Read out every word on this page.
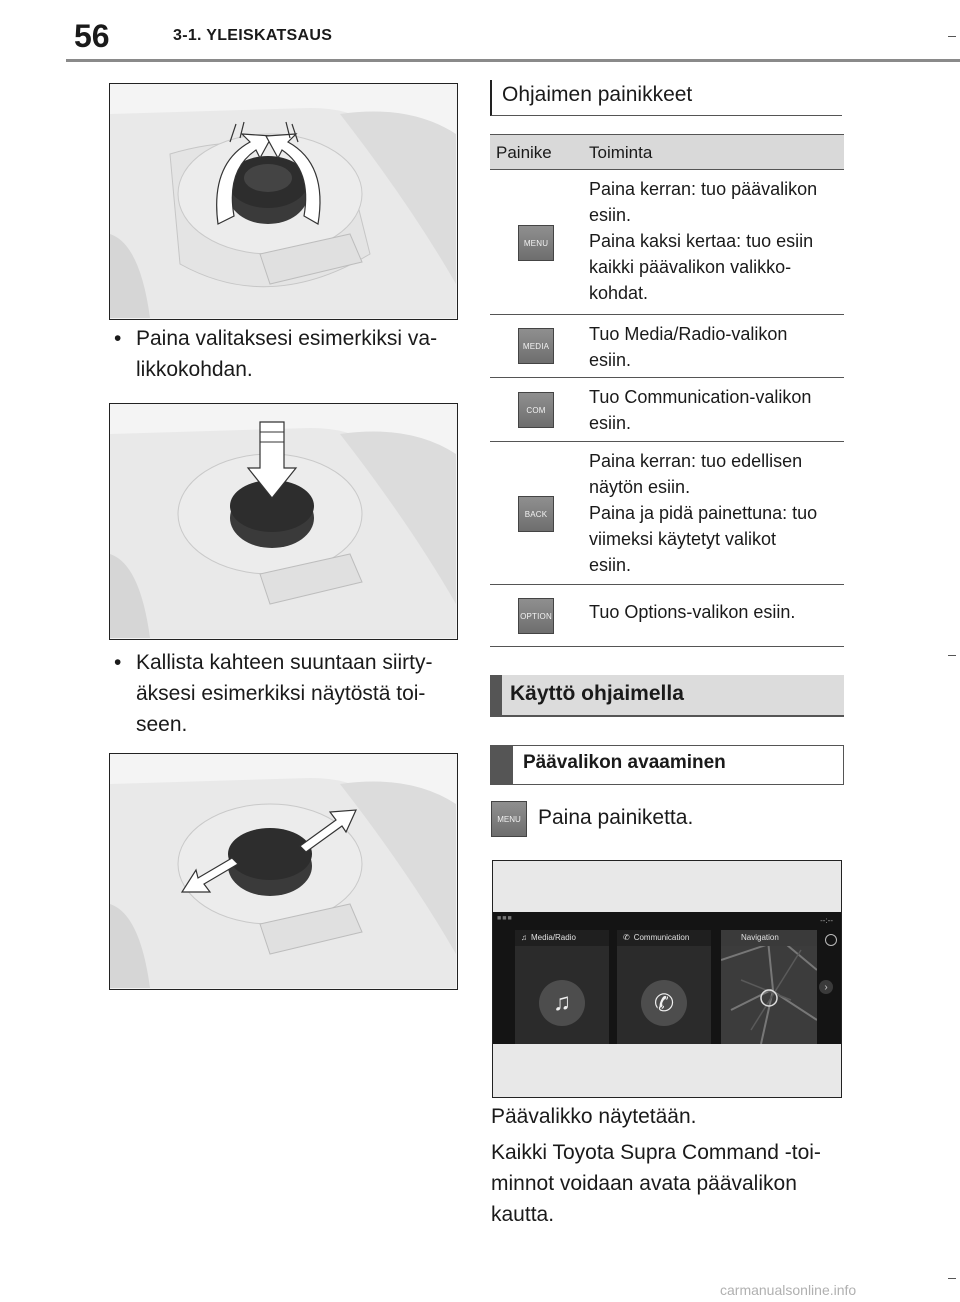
56	3-1. YLEISKATSAUS
• Paina valitaksesi esimerkiksi va-
likkokohdan.
• Kallista kahteen suuntaan siirty-
äksesi esimerkiksi näytöstä toi-
seen.
Ohjaimen painikkeet
Painike Toiminta
MENU
Paina kerran: tuo päävalikon
esiin.
Paina kaksi kertaa: tuo esiin
kaikki päävalikon valikko-
kohdat.
MEDIA
Tuo Media/Radio-valikon
esiin.
COM
Tuo Communication-valikon
esiin.
BACK
Paina kerran: tuo edellisen
näytön esiin.
Paina ja pidä painettuna: tuo
viimeksi käytetyt valikot
esiin.
OPTION Tuo Options-valikon esiin.
Käyttö ohjaimella
Päävalikon avaaminen
MENU Paina painiketta.
■■■	--:--
♫ Media/Radio
♫
✆ Communication
✆
Navigation
›
Päävalikko näytetään.
Kaikki Toyota Supra Command -toi-
minnot voidaan avata päävalikon
kautta.
carmanualsonline.info
